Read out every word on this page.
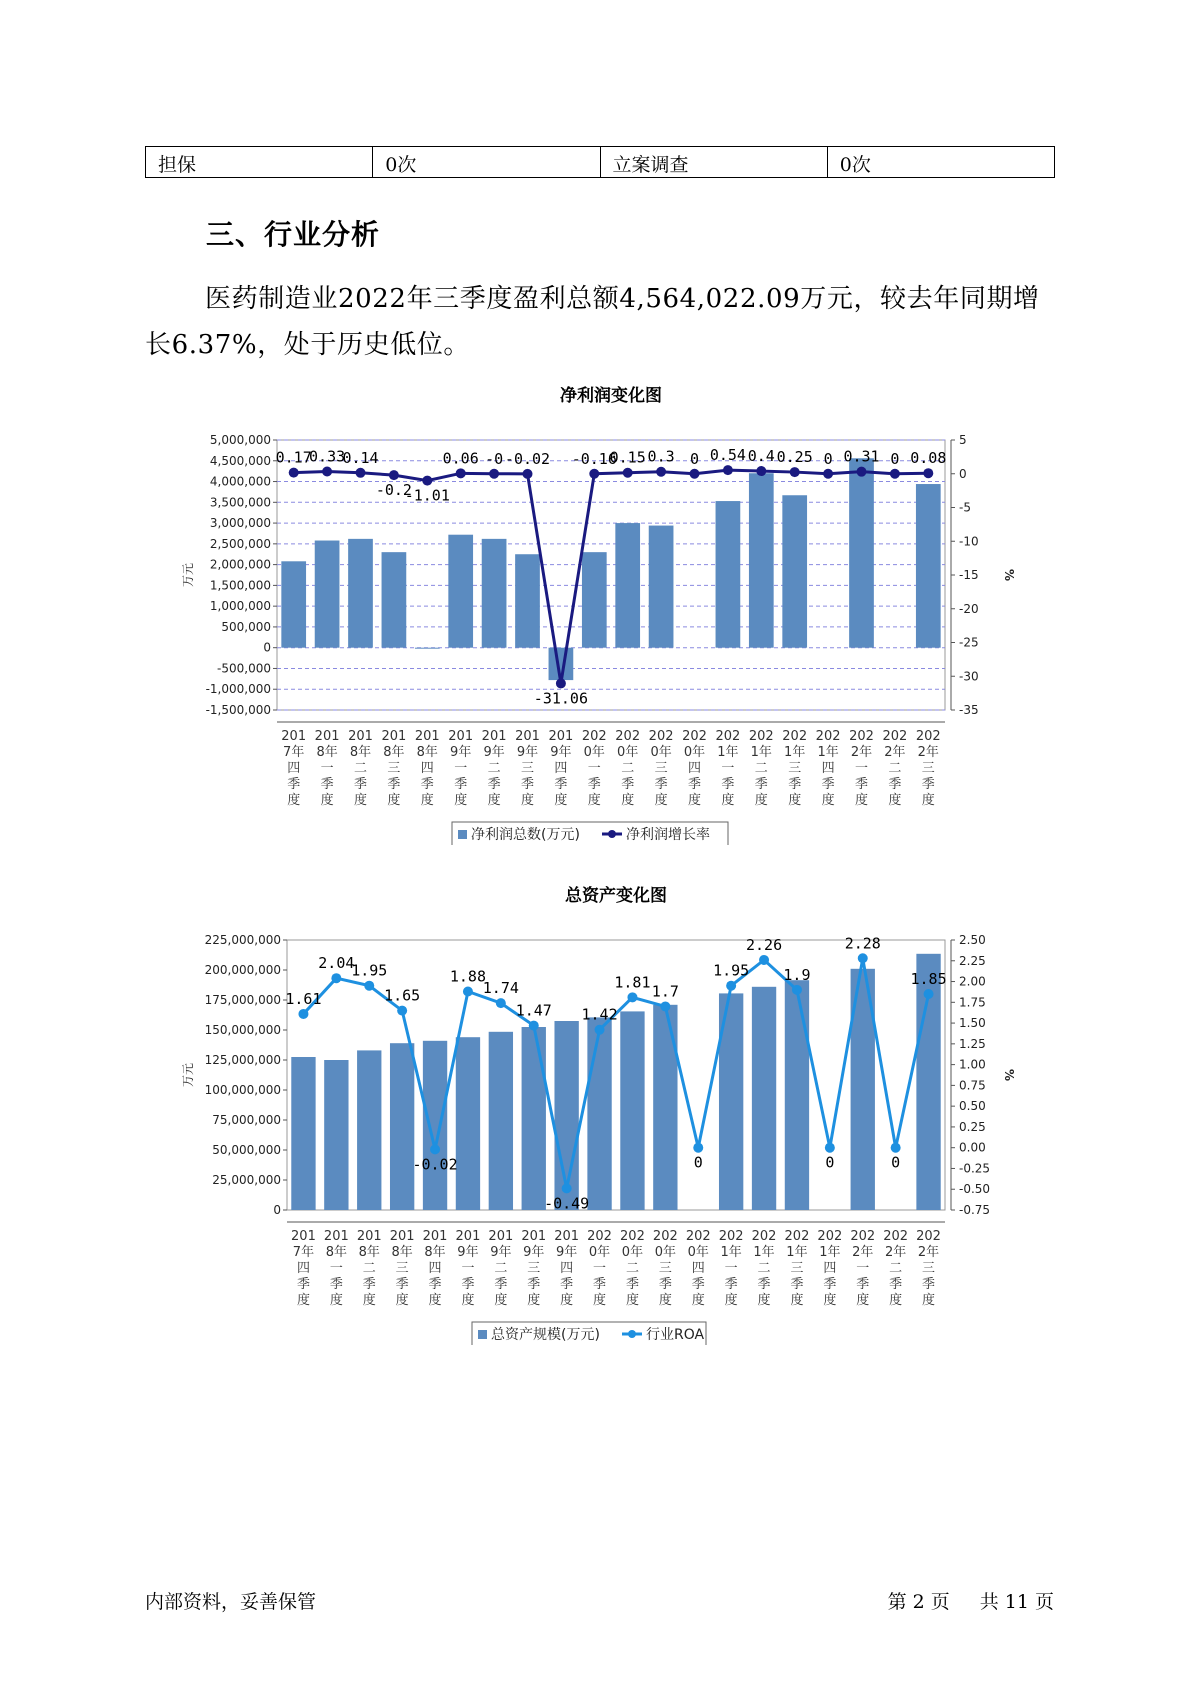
担保	0次	立案调查	0次
三、行业分析

医药制造业2022年三季度盈利总额4,564,022.09万元，较去年同期增长6.37%，处于历史低位。

净利润变化图
5,000,000
4,500,000
4,000,000
3,500,000
3,000,000
2,500,000
2,000,000
1,500,000
1,000,000
500,000
0
-500,000
-1,000,000
-1,500,000
5
0
-5
-10
-15
-20
-25
-30
-35
万元	%
0.17
0.33
0.14
-0.2
-1.01
0.06 -0 -0.02
-31.06
-0.16
0.15 0.3 0 0.54 0.4 0.25 0 0.31 0 0.08
201
7年
四
季
度
201
8年
一
季
度
201
8年
二
季
度
201
8年
三
季
度
201
8年
四
季
度
201
9年
一
季
度
201
9年
二
季
度
201
9年
三
季
度
201
9年
四
季
度
202
0年
一
季
度
202
0年
二
季
度
202
0年
三
季
度
202
0年
四
季
度
202
1年
一
季
度
202
1年
二
季
度
202
1年
三
季
度
202
1年
四
季
度
202
2年
一
季
度
202
2年
二
季
度
202
2年
三
季
度
净利润总数(万元)	净利润增长率
总资产变化图
225,000,000
200,000,000
175,000,000
150,000,000
125,000,000
100,000,000
75,000,000
50,000,000
25,000,000
0
2.50
2.25
2.00
1.75
1.50
1.25
1.00
0.75
0.50
0.25
0.00
-0.25
-0.50
-0.75
万元	%
1.61
2.04
1.95
1.65
-0.02
1.88
1.74
1.47
-0.49
1.42
1.81
1.7
0
1.95
2.26
1.9
0
2.28
0
1.85
201
7年
四
季
度
201
8年
一
季
度
201
8年
二
季
度
201
8年
三
季
度
201
8年
四
季
度
201
9年
一
季
度
201
9年
二
季
度
201
9年
三
季
度
201
9年
四
季
度
202
0年
一
季
度
202
0年
二
季
度
202
0年
三
季
度
202
0年
四
季
度
202
1年
一
季
度
202
1年
二
季
度
202
1年
三
季
度
202
1年
四
季
度
202
2年
一
季
度
202
2年
二
季
度
202
2年
三
季
度
总资产规模(万元)	行业ROA
内部资料，妥善保管	第 2 页 共 11 页
